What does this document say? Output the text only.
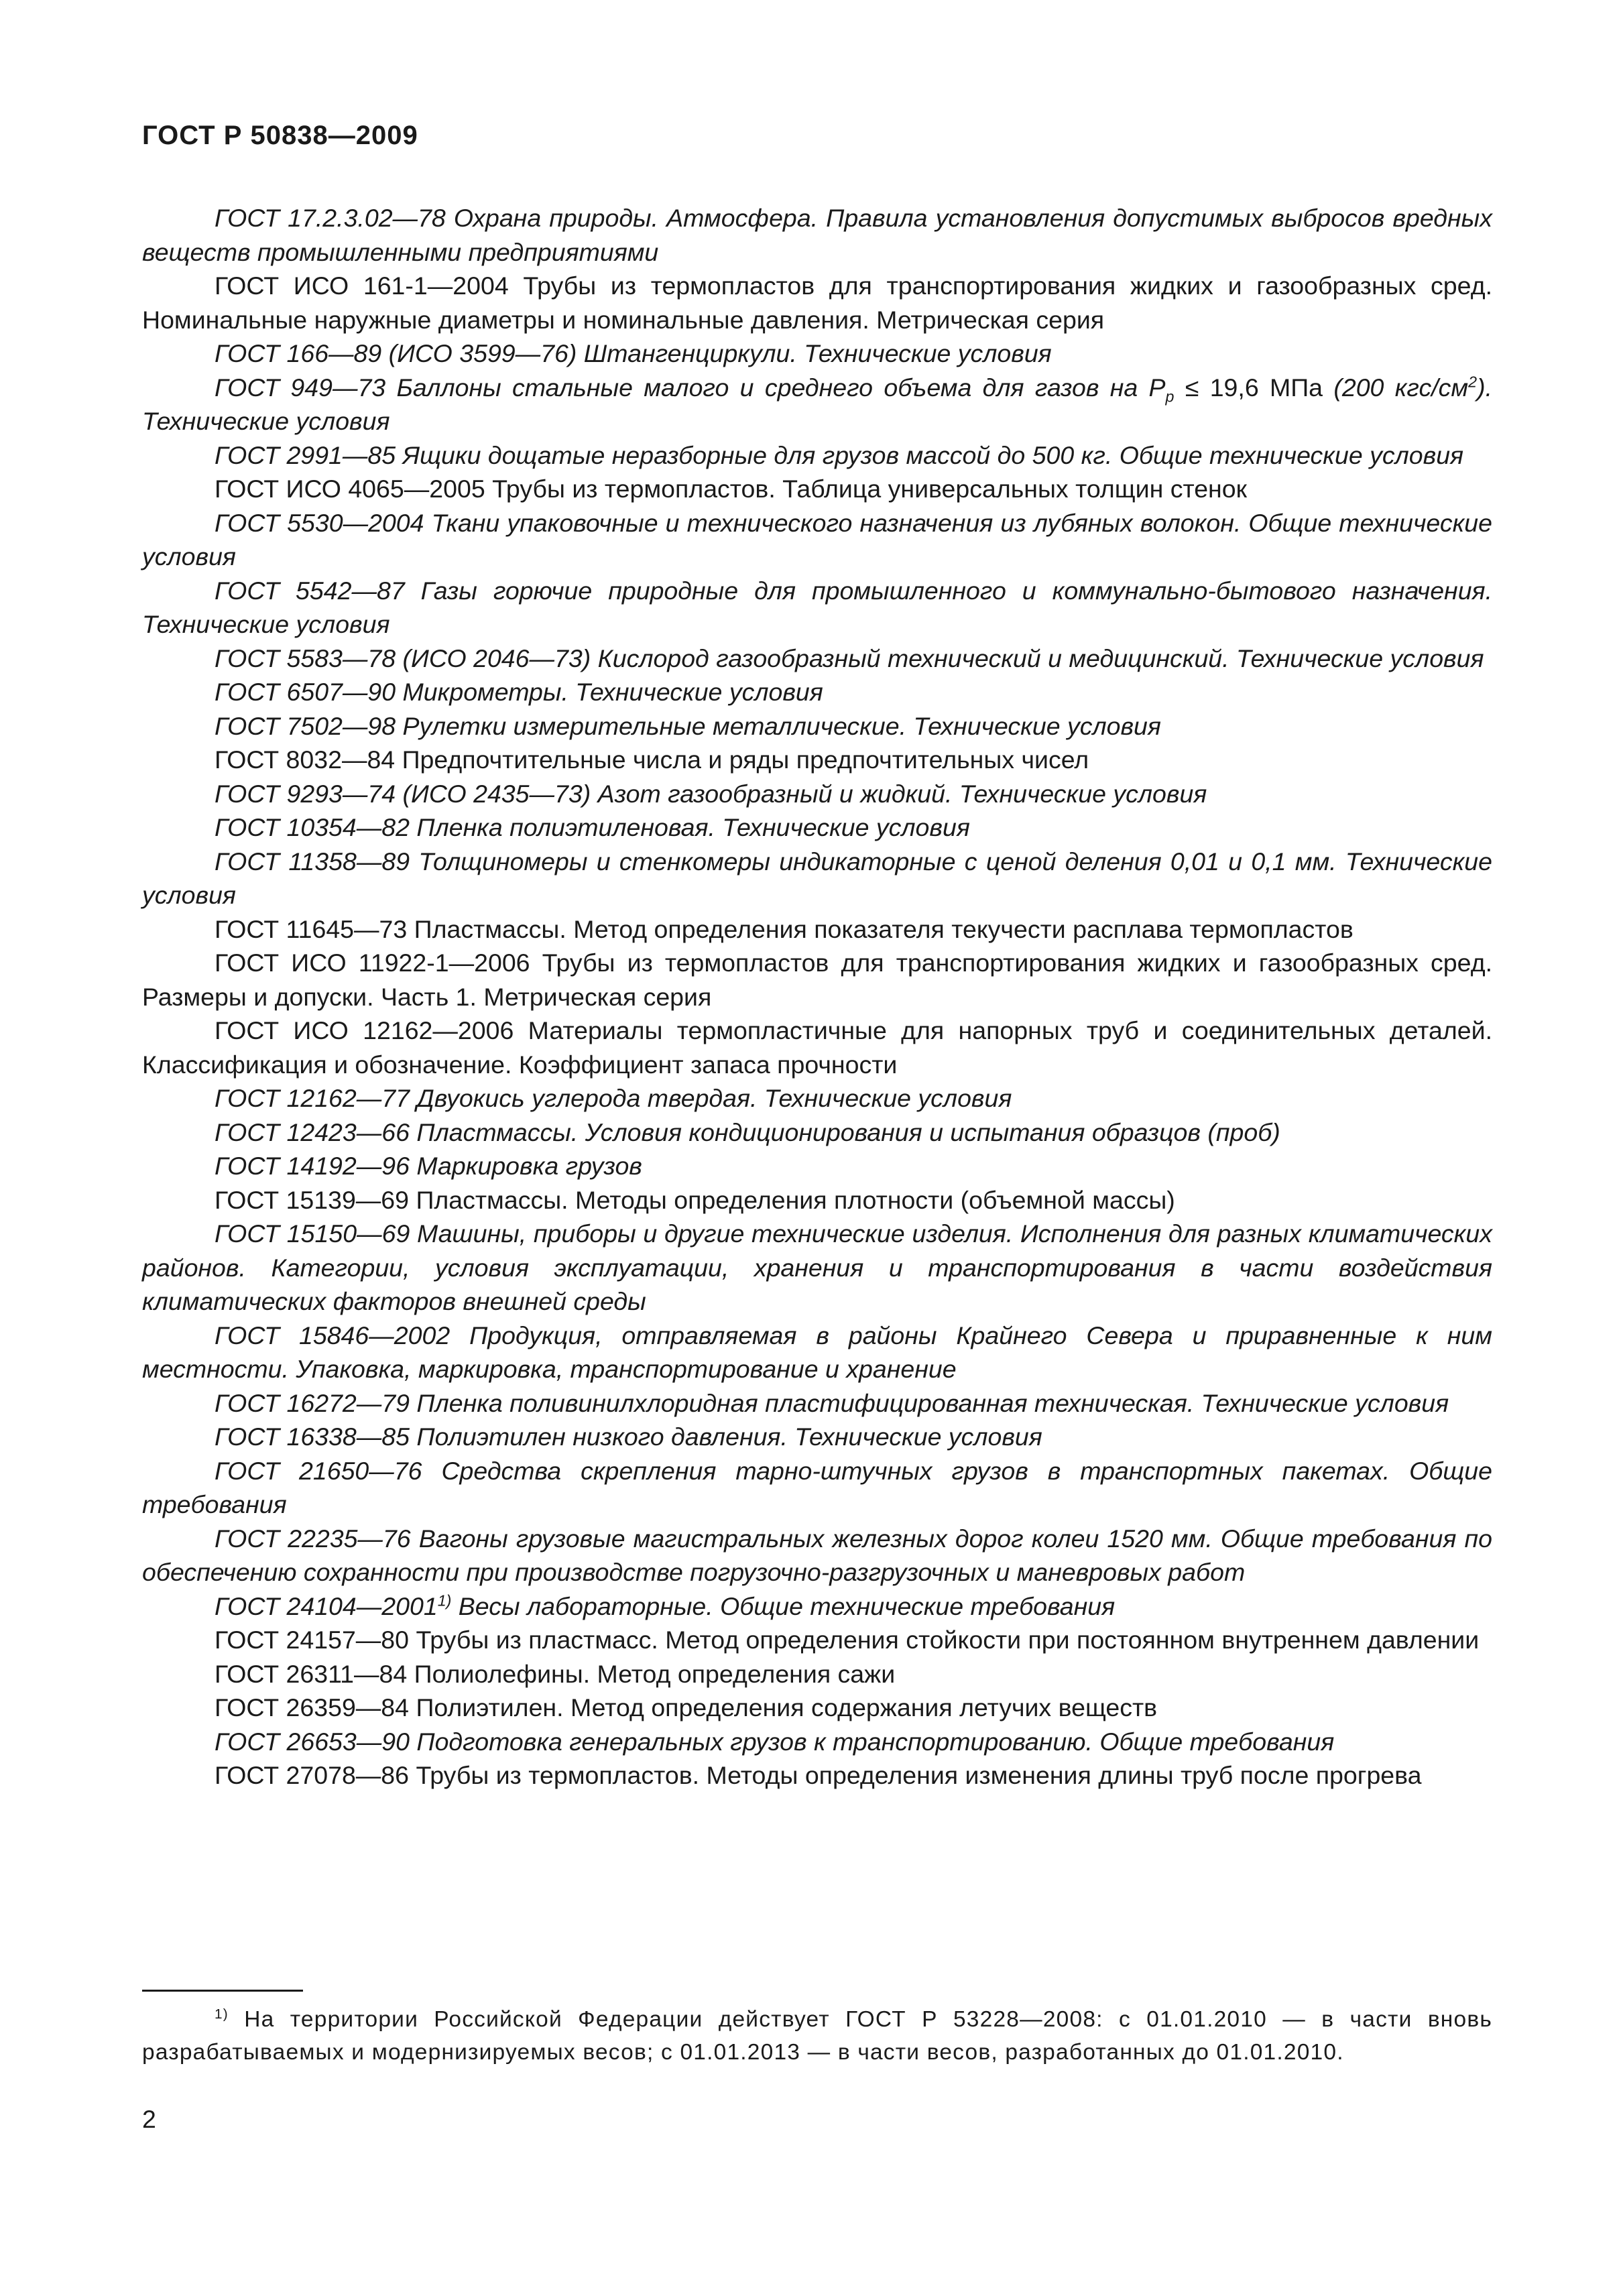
ГОСТ Р 50838—2009

ГОСТ 17.2.3.02—78 Охрана природы. Атмосфера. Правила установления допустимых выбросов вредных веществ промышленными предприятиями

ГОСТ ИСО 161-1—2004 Трубы из термопластов для транспортирования жидких и газообразных сред. Номинальные наружные диаметры и номинальные давления. Метрическая серия

ГОСТ 166—89 (ИСО 3599—76) Штангенциркули. Технические условия

ГОСТ 949—73 Баллоны стальные малого и среднего объема для газов на $P_p \le 19,6$ МПа (200 кгс/$см^2$). Технические условия

ГОСТ 2991—85 Ящики дощатые неразборные для грузов массой до 500 кг. Общие технические условия

ГОСТ ИСО 4065—2005 Трубы из термопластов. Таблица универсальных толщин стенок

ГОСТ 5530—2004 Ткани упаковочные и технического назначения из лубяных волокон. Общие технические условия

ГОСТ 5542—87 Газы горючие природные для промышленного и коммунально-бытового назначения. Технические условия

ГОСТ 5583—78 (ИСО 2046—73) Кислород газообразный технический и медицинский. Технические условия

ГОСТ 6507—90 Микрометры. Технические условия

ГОСТ 7502—98 Рулетки измерительные металлические. Технические условия

ГОСТ 8032—84 Предпочтительные числа и ряды предпочтительных чисел

ГОСТ 9293—74 (ИСО 2435—73) Азот газообразный и жидкий. Технические условия

ГОСТ 10354—82 Пленка полиэтиленовая. Технические условия

ГОСТ 11358—89 Толщиномеры и стенкомеры индикаторные с ценой деления 0,01 и 0,1 мм. Технические условия

ГОСТ 11645—73 Пластмассы. Метод определения показателя текучести расплава термопластов

ГОСТ ИСО 11922-1—2006 Трубы из термопластов для транспортирования жидких и газообразных сред. Размеры и допуски. Часть 1. Метрическая серия

ГОСТ ИСО 12162—2006 Материалы термопластичные для напорных труб и соединительных деталей. Классификация и обозначение. Коэффициент запаса прочности

ГОСТ 12162—77 Двуокись углерода твердая. Технические условия

ГОСТ 12423—66 Пластмассы. Условия кондиционирования и испытания образцов (проб)

ГОСТ 14192—96 Маркировка грузов

ГОСТ 15139—69 Пластмассы. Методы определения плотности (объемной массы)

ГОСТ 15150—69 Машины, приборы и другие технические изделия. Исполнения для разных климатических районов. Категории, условия эксплуатации, хранения и транспортирования в части воздействия климатических факторов внешней среды

ГОСТ 15846—2002 Продукция, отправляемая в районы Крайнего Севера и приравненные к ним местности. Упаковка, маркировка, транспортирование и хранение

ГОСТ 16272—79 Пленка поливинилхлоридная пластифицированная техническая. Технические условия

ГОСТ 16338—85 Полиэтилен низкого давления. Технические условия

ГОСТ 21650—76 Средства скрепления тарно-штучных грузов в транспортных пакетах. Общие требования

ГОСТ 22235—76 Вагоны грузовые магистральных железных дорог колеи 1520 мм. Общие требования по обеспечению сохранности при производстве погрузочно-разгрузочных и маневровых работ

ГОСТ 24104—2001$^{1)}$ Весы лабораторные. Общие технические требования

ГОСТ 24157—80 Трубы из пластмасс. Метод определения стойкости при постоянном внутреннем давлении

ГОСТ 26311—84 Полиолефины. Метод определения сажи

ГОСТ 26359—84 Полиэтилен. Метод определения содержания летучих веществ

ГОСТ 26653—90 Подготовка генеральных грузов к транспортированию. Общие требования

ГОСТ 27078—86 Трубы из термопластов. Методы определения изменения длины труб после прогрева

$^{1)}$ На территории Российской Федерации действует ГОСТ Р 53228—2008: с 01.01.2010 — в части вновь разрабатываемых и модернизируемых весов; с 01.01.2013 — в части весов, разработанных до 01.01.2010.
2
